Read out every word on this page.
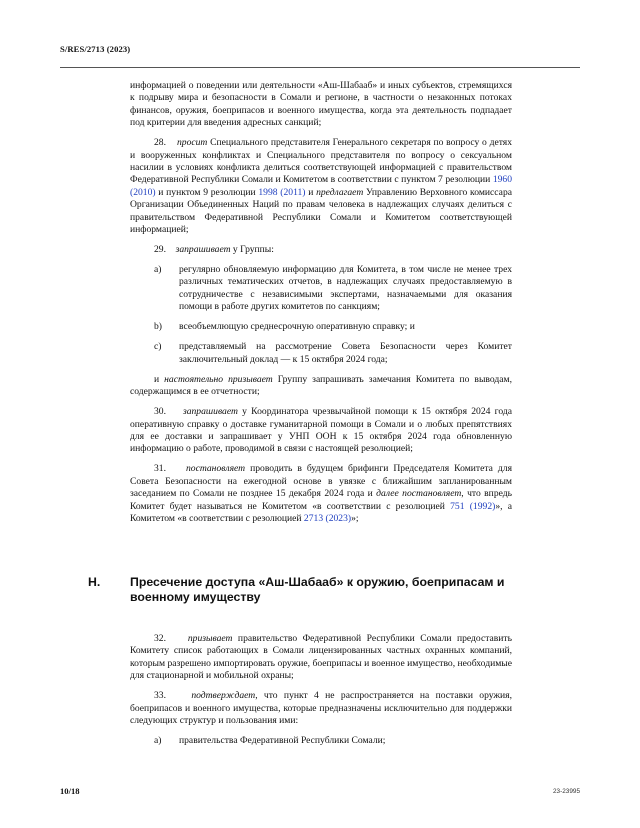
S/RES/2713 (2023)

информацией о поведении или деятельности «Аш-Шабааб» и иных субъектов, стремящихся к подрыву мира и безопасности в Сомали и регионе, в частности о незаконных потоках финансов, оружия, боеприпасов и военного имущества, когда эта деятельность подпадает под критерии для введения адресных санкций;

28. просит Специального представителя Генерального секретаря по вопросу о детях и вооруженных конфликтах и Специального представителя по вопросу о сексуальном насилии в условиях конфликта делиться соответствующей информацией с правительством Федеративной Республики Сомали и Комитетом в соответствии с пунктом 7 резолюции 1960 (2010) и пунктом 9 резолюции 1998 (2011) и предлагает Управлению Верховного комиссара Организации Объединенных Наций по правам человека в надлежащих случаях делиться с правительством Федеративной Республики Сомали и Комитетом соответствующей информацией;

29. запрашивает у Группы:

a)	регулярно обновляемую информацию для Комитета, в том числе не менее трех различных тематических отчетов, в надлежащих случаях предоставляемую в сотрудничестве с независимыми экспертами, назначаемыми для оказания помощи в работе других комитетов по санкциям;
b)	всеобъемлющую среднесрочную оперативную справку; и
c)	представляемый на рассмотрение Совета Безопасности через Комитет заключительный доклад — к 15 октября 2024 года;

и настоятельно призывает Группу запрашивать замечания Комитета по выводам, содержащимся в ее отчетности;

30. запрашивает у Координатора чрезвычайной помощи к 15 октября 2024 года оперативную справку о доставке гуманитарной помощи в Сомали и о любых препятствиях для ее доставки и запрашивает у УНП ООН к 15 октября 2024 года обновленную информацию о работе, проводимой в связи с настоящей резолюцией;

31. постановляет проводить в будущем брифинги Председателя Комитета для Совета Безопасности на ежегодной основе в увязке с ближайшим запланированным заседанием по Сомали не позднее 15 декабря 2024 года и далее постановляет, что впредь Комитет будет называться не Комитетом «в соответствии с резолюцией 751 (1992)», а Комитетом «в соответствии с резолюцией 2713 (2023)»;

H.	Пресечение доступа «Аш-Шабааб» к оружию, боеприпасам и военному имуществу

32. призывает правительство Федеративной Республики Сомали предоставить Комитету список работающих в Сомали лицензированных частных охранных компаний, которым разрешено импортировать оружие, боеприпасы и военное имущество, необходимые для стационарной и мобильной охраны;

33.	подтверждает, что пункт 4 не распространяется на поставки оружия, боеприпасов и военного имущества, которые предназначены исключительно для поддержки следующих структур и пользования ими:

a)	правительства Федеративной Республики Сомали;
10/18	23-23995
